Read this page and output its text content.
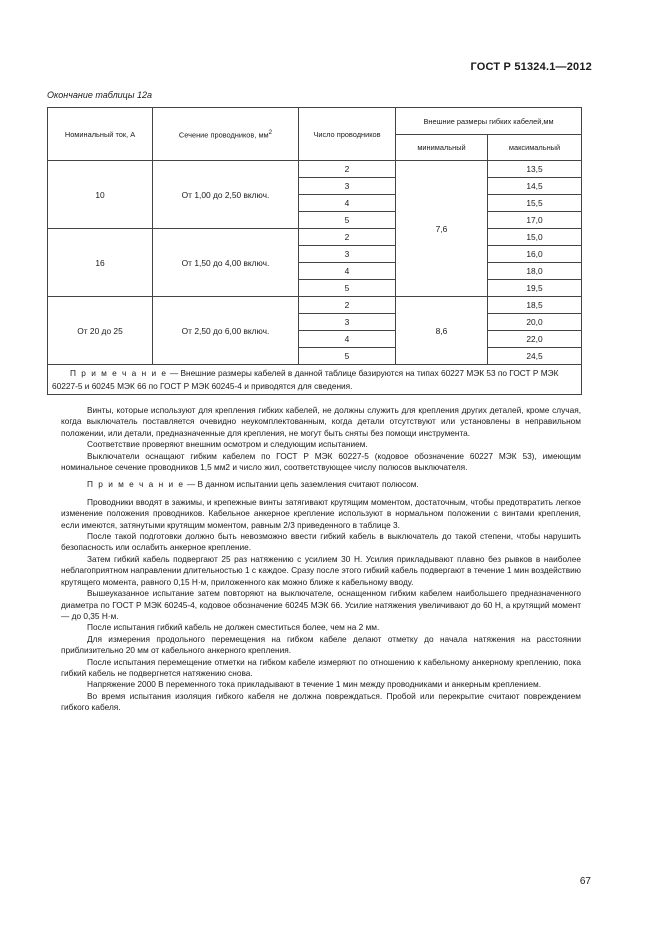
ГОСТ Р 51324.1—2012
Окончание таблицы 12а
Номинальный ток, А	Сечение проводников, $мм^2$	Число проводников	Внешние размеры гибких кабелей,мм	
			минимальный	максимальный
10	От 1,00 до 2,50 включ.	2	7,6	13,5
		3		14,5
		4		15,5
		5		17,0
16	От 1,50 до 4,00 включ.	2		15,0
		3		16,0
		4		18,0
		5		19,5
От 20 до 25	От 2,50 до 6,00 включ.	2	8,6	18,5
		3		20,0
		4		22,0
		5		24,5
П р и м е ч а н и е — Внешние размеры кабелей в данной таблице базируются на типах 60227 МЭК 53 по ГОСТ Р МЭК 60227-5 и 60245 МЭК 66 по ГОСТ Р МЭК 60245-4 и приводятся для сведения.				

Винты, которые используют для крепления гибких кабелей, не должны служить для крепления других деталей, кроме случая, когда выключатель поставляется очевидно неукомплектованным, когда детали отсутствуют или установлены в неправильном положении, или детали, предназначенные для крепления, не могут быть сняты без помощи инструмента.

Соответствие проверяют внешним осмотром и следующим испытанием.

Выключатели оснащают гибким кабелем по ГОСТ Р МЭК 60227-5 (кодовое обозначение 60227 МЭК 53), имеющим номинальное сечение проводников 1,5 мм2 и число жил, соответствующее числу полюсов выключателя.

П р и м е ч а н и е — В данном испытании цепь заземления считают полюсом.

Проводники вводят в зажимы, и крепежные винты затягивают крутящим моментом, достаточным, чтобы предотвратить легкое изменение положения проводников. Кабельное анкерное крепление используют в нормальном положении с винтами крепления, если имеются, затянутыми крутящим моментом, равным 2/3 приведенного в таблице 3.

После такой подготовки должно быть невозможно ввести гибкий кабель в выключатель до такой степени, чтобы нарушить безопасность или ослабить анкерное крепление.

Затем гибкий кабель подвергают 25 раз натяжению с усилием 30 Н. Усилия прикладывают плавно без рывков в наиболее неблагоприятном направлении длительностью 1 с каждое. Сразу после этого гибкий кабель подвергают в течение 1 мин воздействию крутящего момента, равного 0,15 Н·м, приложенного как можно ближе к кабельному вводу.

Вышеуказанное испытание затем повторяют на выключателе, оснащенном гибким кабелем наибольшего предназначенного диаметра по ГОСТ Р МЭК 60245-4, кодовое обозначение 60245 МЭК 66. Усилие натяжения увеличивают до 60 Н, а крутящий момент — до 0,35 Н·м.

После испытания гибкий кабель не должен сместиться более, чем на 2 мм.

Для измерения продольного перемещения на гибком кабеле делают отметку до начала натяжения на расстоянии приблизительно 20 мм от кабельного анкерного крепления.

После испытания перемещение отметки на гибком кабеле измеряют по отношению к кабельному анкерному креплению, пока гибкий кабель не подвергнется натяжению снова.

Напряжение 2000 В переменного тока прикладывают в течение 1 мин между проводниками и анкерным креплением.

Во время испытания изоляция гибкого кабеля не должна повреждаться. Пробой или перекрытие считают повреждением гибкого кабеля.

67
